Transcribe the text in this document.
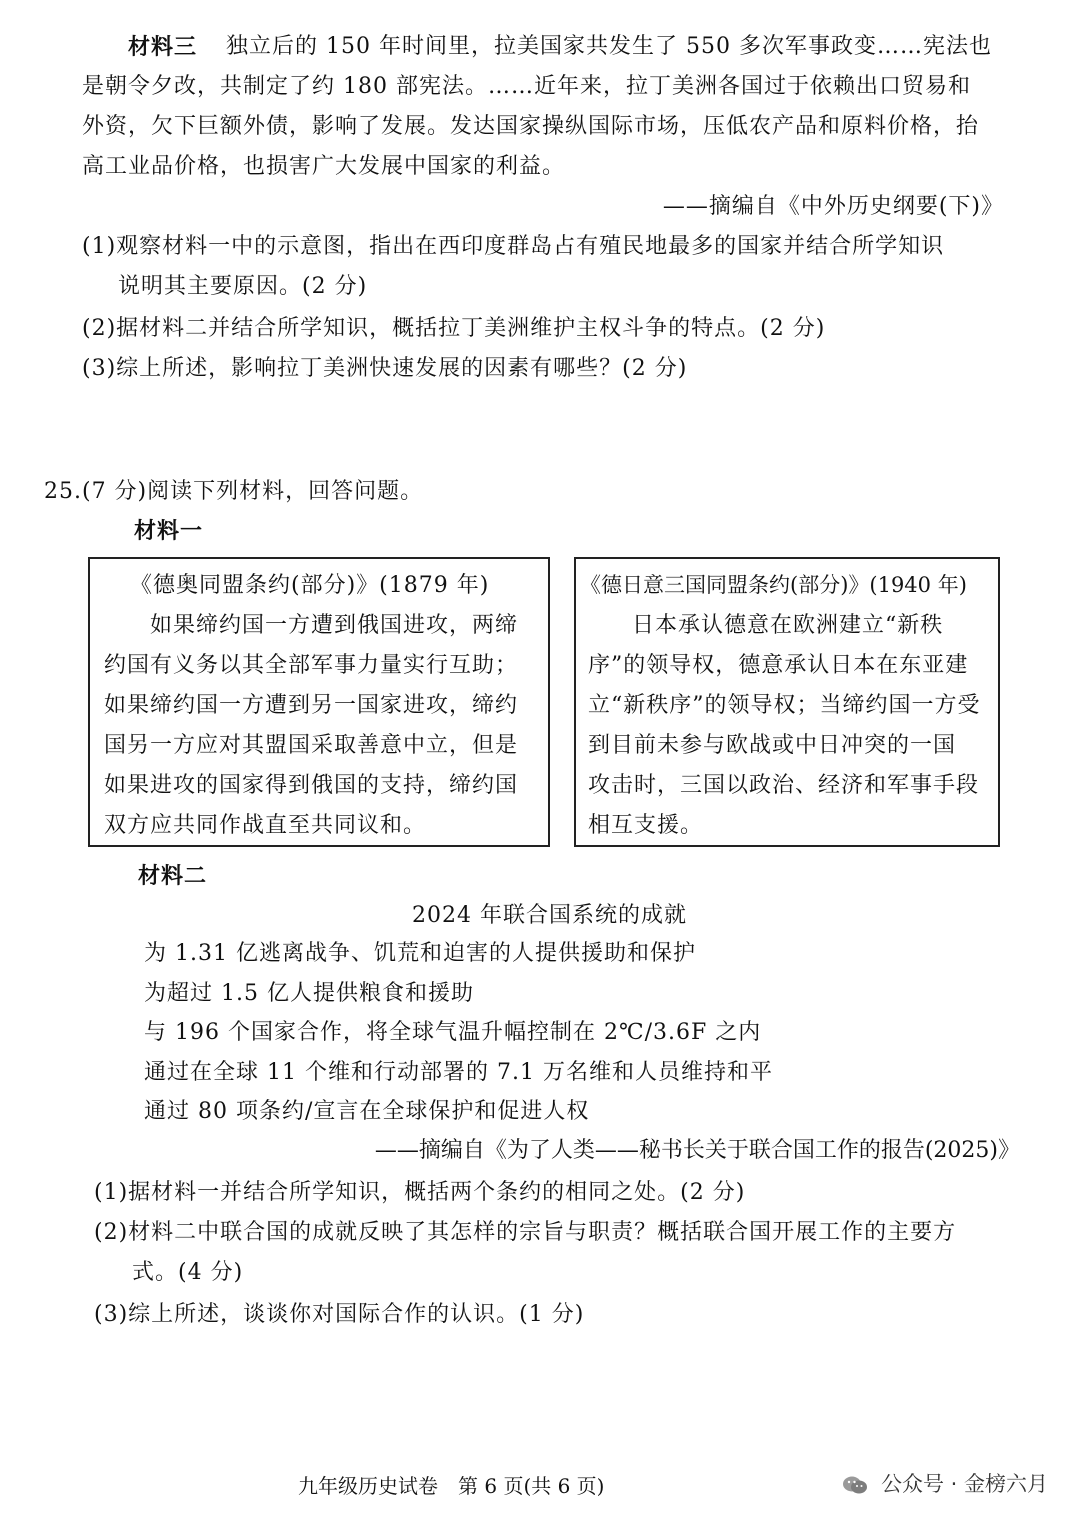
材料三 独立后的 150 年时间里，拉美国家共发生了 550 多次军事政变……宪法也
是朝令夕改，共制定了约 180 部宪法。……近年来，拉丁美洲各国过于依赖出口贸易和
外资，欠下巨额外债，影响了发展。发达国家操纵国际市场，压低农产品和原料价格，抬
高工业品价格，也损害广大发展中国家的利益。
——摘编自《中外历史纲要(下)》
(1)观察材料一中的示意图，指出在西印度群岛占有殖民地最多的国家并结合所学知识
说明其主要原因。(2 分)
(2)据材料二并结合所学知识，概括拉丁美洲维护主权斗争的特点。(2 分)
(3)综上所述，影响拉丁美洲快速发展的因素有哪些？(2 分)
25.(7 分)阅读下列材料，回答问题。
材料一
《德奥同盟条约(部分)》(1879 年)
如果缔约国一方遭到俄国进攻，两缔
约国有义务以其全部军事力量实行互助；
如果缔约国一方遭到另一国家进攻，缔约
国另一方应对其盟国采取善意中立，但是
如果进攻的国家得到俄国的支持，缔约国
双方应共同作战直至共同议和。
《德日意三国同盟条约(部分)》(1940 年)
日本承认德意在欧洲建立“新秩
序”的领导权，德意承认日本在东亚建
立“新秩序”的领导权；当缔约国一方受
到目前未参与欧战或中日冲突的一国
攻击时，三国以政治、经济和军事手段
相互支援。
材料二
2024 年联合国系统的成就
为 1.31 亿逃离战争、饥荒和迫害的人提供援助和保护
为超过 1.5 亿人提供粮食和援助
与 196 个国家合作，将全球气温升幅控制在 2℃/3.6F 之内
通过在全球 11 个维和行动部署的 7.1 万名维和人员维持和平
通过 80 项条约/宣言在全球保护和促进人权
——摘编自《为了人类——秘书长关于联合国工作的报告(2025)》
(1)据材料一并结合所学知识，概括两个条约的相同之处。(2 分)
(2)材料二中联合国的成就反映了其怎样的宗旨与职责？概括联合国开展工作的主要方
式。(4 分)
(3)综上所述，谈谈你对国际合作的认识。(1 分)
九年级历史试卷　第 6 页(共 6 页)	公众号 · 金榜六月
